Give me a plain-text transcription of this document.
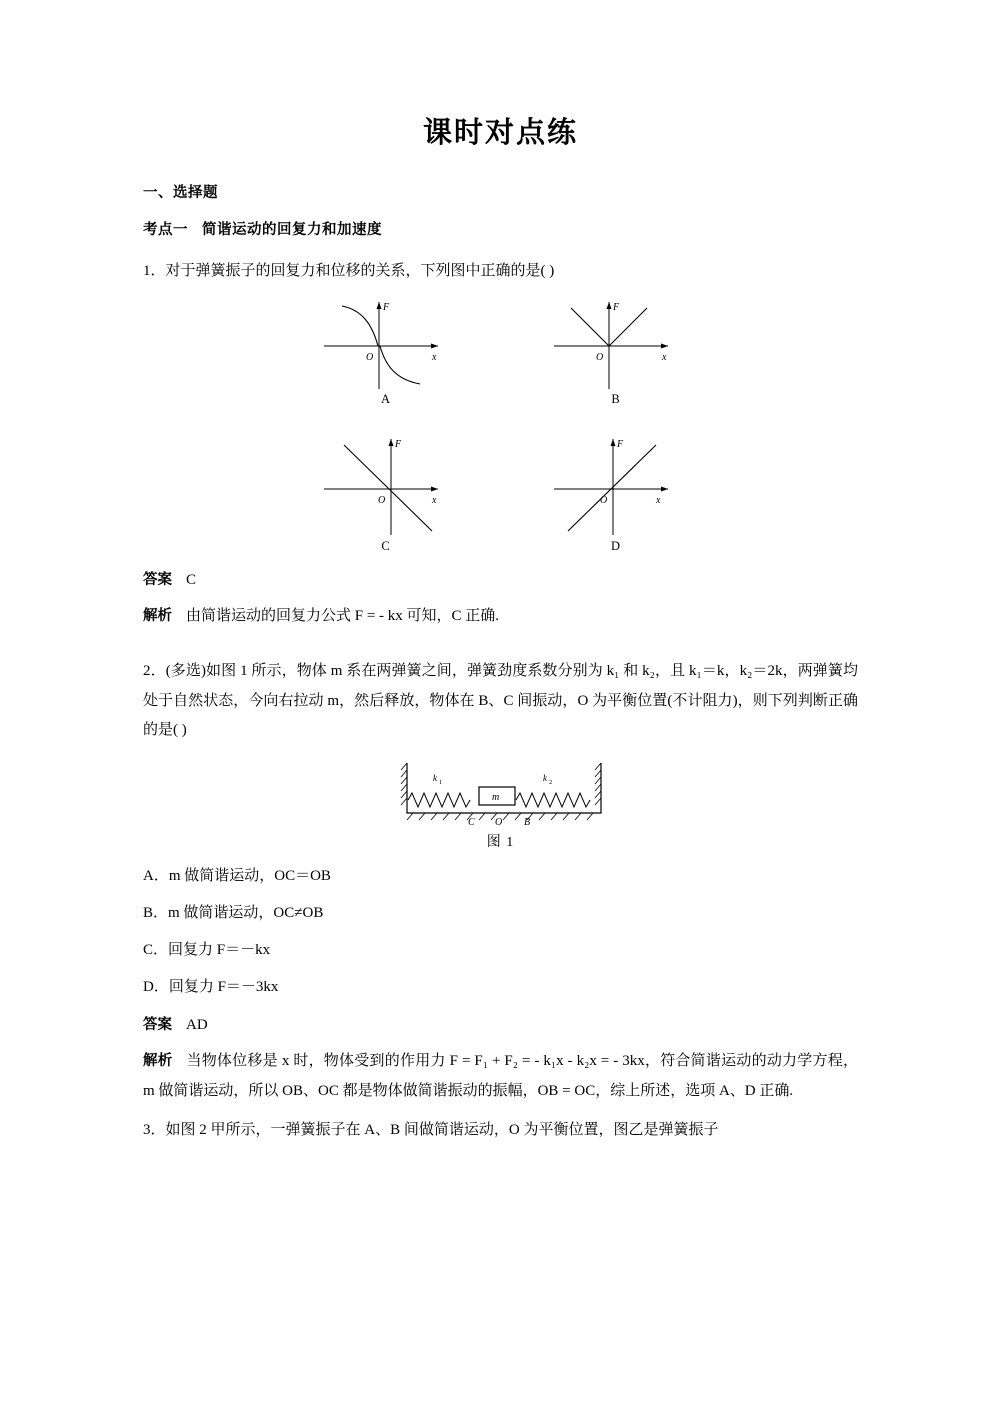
课时对点练
一、选择题
考点一 简谐运动的回复力和加速度
1．对于弹簧振子的回复力和位移的关系，下列图中正确的是( )
F
x
O
A
F
x
O
B
F
x
O
C
F
x
O
D
答案 C
解析 由简谐运动的回复力公式 F = - kx 可知，C 正确.
2．(多选)如图 1 所示，物体 m 系在两弹簧之间，弹簧劲度系数分别为 k₁ 和 k₂，且 k₁＝k，k₂＝2k，两弹簧均处于自然状态，今向右拉动 m，然后释放，物体在 B、C 间振动，O 为平衡位置(不计阻力)，则下列判断正确的是( )
m
k 1	k 2
C O B
图 1
A．m 做简谐运动，OC＝OB
B．m 做简谐运动，OC≠OB
C．回复力 F＝－kx
D．回复力 F＝－3kx
答案 AD
解析 当物体位移是 x 时，物体受到的作用力 F = F₁ + F₂ = - k₁x - k₂x = - 3kx，符合简谐运动的动力学方程，m 做简谐运动，所以 OB、OC 都是物体做简谐振动的振幅，OB = OC，综上所述，选项 A、D 正确.
3．如图 2 甲所示，一弹簧振子在 A、B 间做简谐运动，O 为平衡位置，图乙是弹簧振子
